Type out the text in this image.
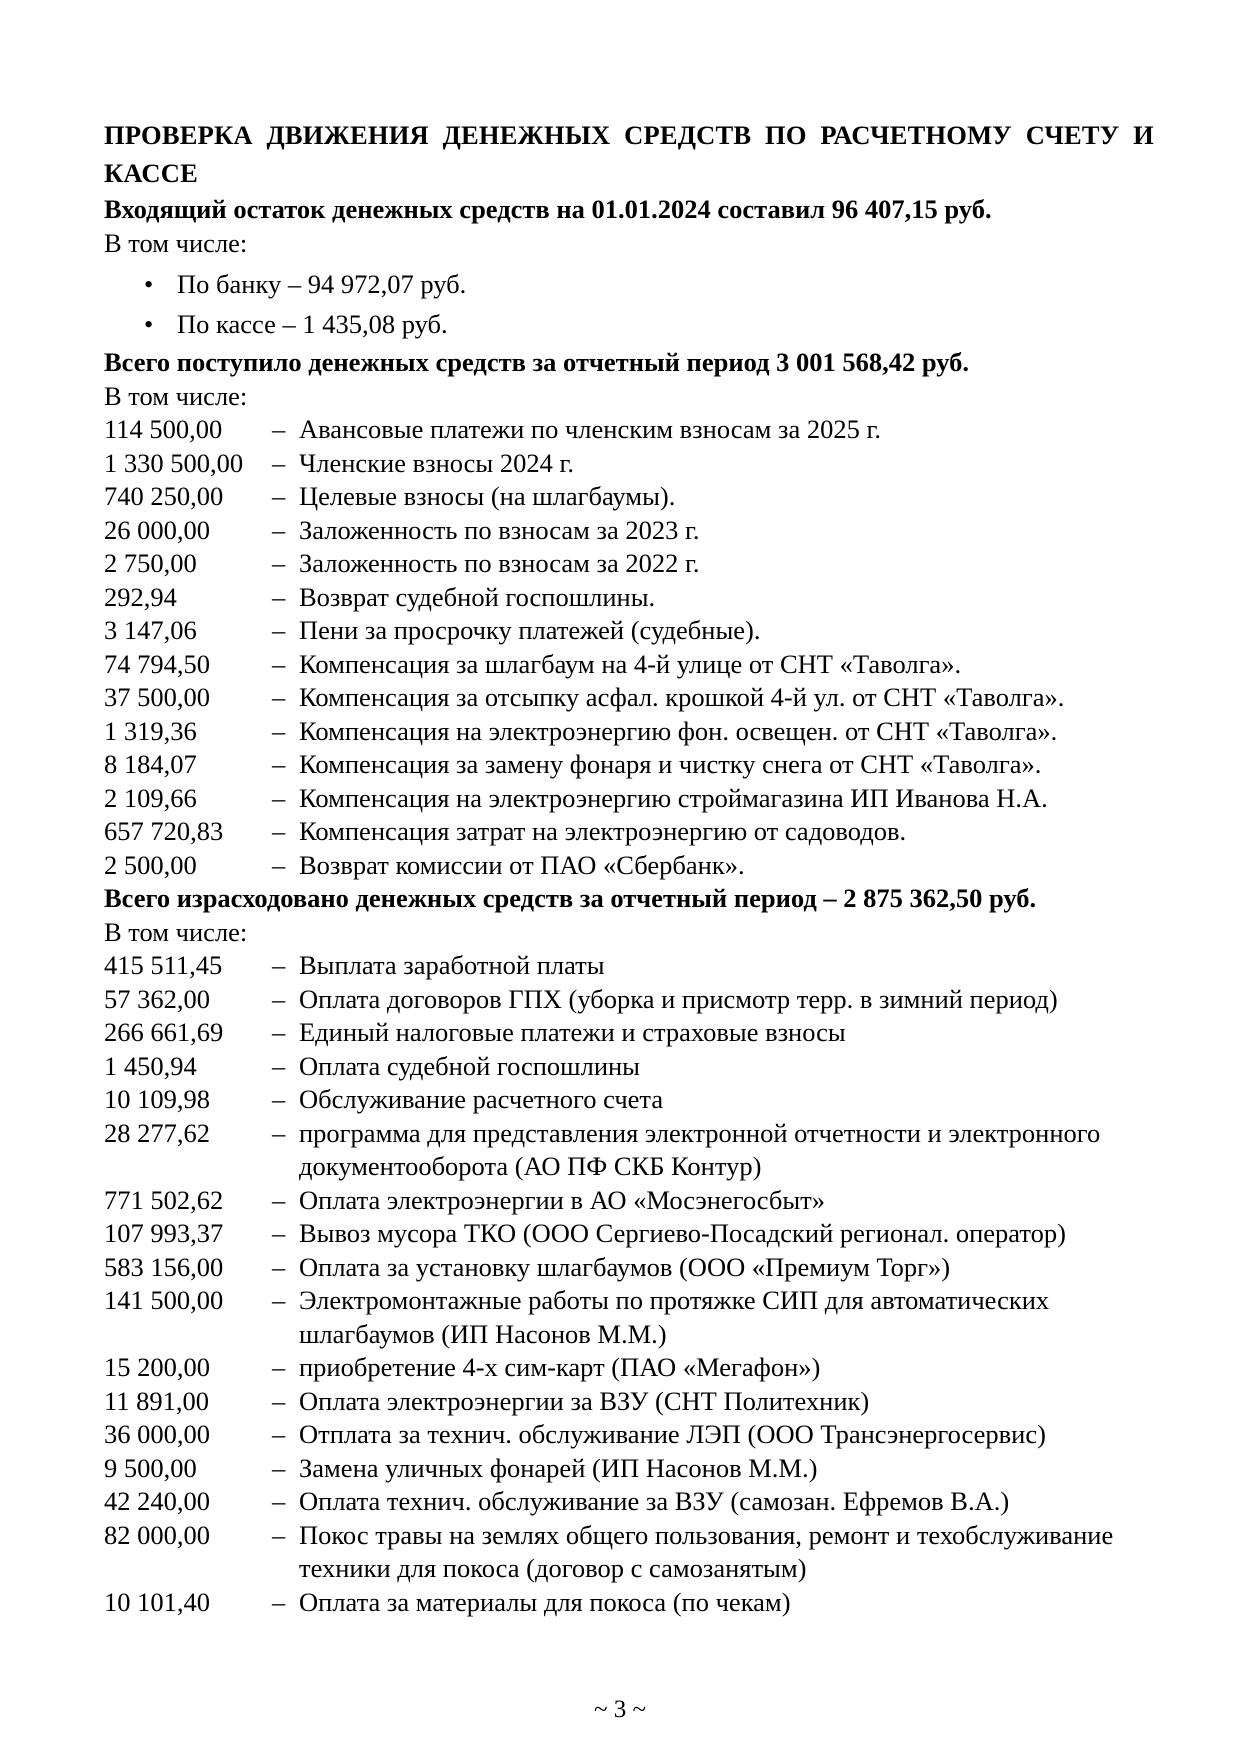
ПРОВЕРКА ДВИЖЕНИЯ ДЕНЕЖНЫХ СРЕДСТВ ПО РАСЧЕТНОМУ СЧЕТУ И КАССЕ
Входящий остаток денежных средств на 01.01.2024 составил 96 407,15 руб.
В том числе:
• По банку – 94 972,07 руб.
• По кассе – 1 435,08 руб.
Всего поступило денежных средств за отчетный период 3 001 568,42 руб.
В том числе:
114 500,00	– Авансовые платежи по членским взносам за 2025 г.
1 330 500,00	– Членские взносы 2024 г.
740 250,00	– Целевые взносы (на шлагбаумы).
26 000,00	– Заложенность по взносам за 2023 г.
2 750,00	– Заложенность по взносам за 2022 г.
292,94	– Возврат судебной госпошлины.
3 147,06	– Пени за просрочку платежей (судебные).
74 794,50	– Компенсация за шлагбаум на 4-й улице от СНТ «Таволга».
37 500,00	– Компенсация за отсыпку асфал. крошкой 4-й ул. от СНТ «Таволга».
1 319,36	– Компенсация на электроэнергию фон. освещен. от СНТ «Таволга».
8 184,07	– Компенсация за замену фонаря и чистку снега от СНТ «Таволга».
2 109,66	– Компенсация на электроэнергию строймагазина ИП Иванова Н.А.
657 720,83	– Компенсация затрат на электроэнергию от садоводов.
2 500,00	– Возврат комиссии от ПАО «Сбербанк».
Всего израсходовано денежных средств за отчетный период – 2 875 362,50 руб.
В том числе:
415 511,45	– Выплата заработной платы
57 362,00	– Оплата договоров ГПХ (уборка и присмотр терр. в зимний период)
266 661,69	– Единый налоговые платежи и страховые взносы
1 450,94	– Оплата судебной госпошлины
10 109,98	– Обслуживание расчетного счета
28 277,62	– программа для представления электронной отчетности и электронного документооборота (АО ПФ СКБ Контур)
771 502,62	– Оплата электроэнергии в АО «Мосэнегосбыт»
107 993,37	– Вывоз мусора ТКО (ООО Сергиево-Посадский регионал. оператор)
583 156,00	– Оплата за установку шлагбаумов (ООО «Премиум Торг»)
141 500,00	– Электромонтажные работы по протяжке СИП для автоматических шлагбаумов (ИП Насонов М.М.)
15 200,00	– приобретение 4-х сим-карт (ПАО «Мегафон»)
11 891,00	– Оплата электроэнергии за ВЗУ (СНТ Политехник)
36 000,00	– Отплата за технич. обслуживание ЛЭП (ООО Трансэнергосервис)
9 500,00	– Замена уличных фонарей (ИП Насонов М.М.)
42 240,00	– Оплата технич. обслуживание за ВЗУ (самозан. Ефремов В.А.)
82 000,00	– Покос травы на землях общего пользования, ремонт и техобслуживание техники для покоса (договор с самозанятым)
10 101,40	– Оплата за материалы для покоса (по чекам)
~ 3 ~
